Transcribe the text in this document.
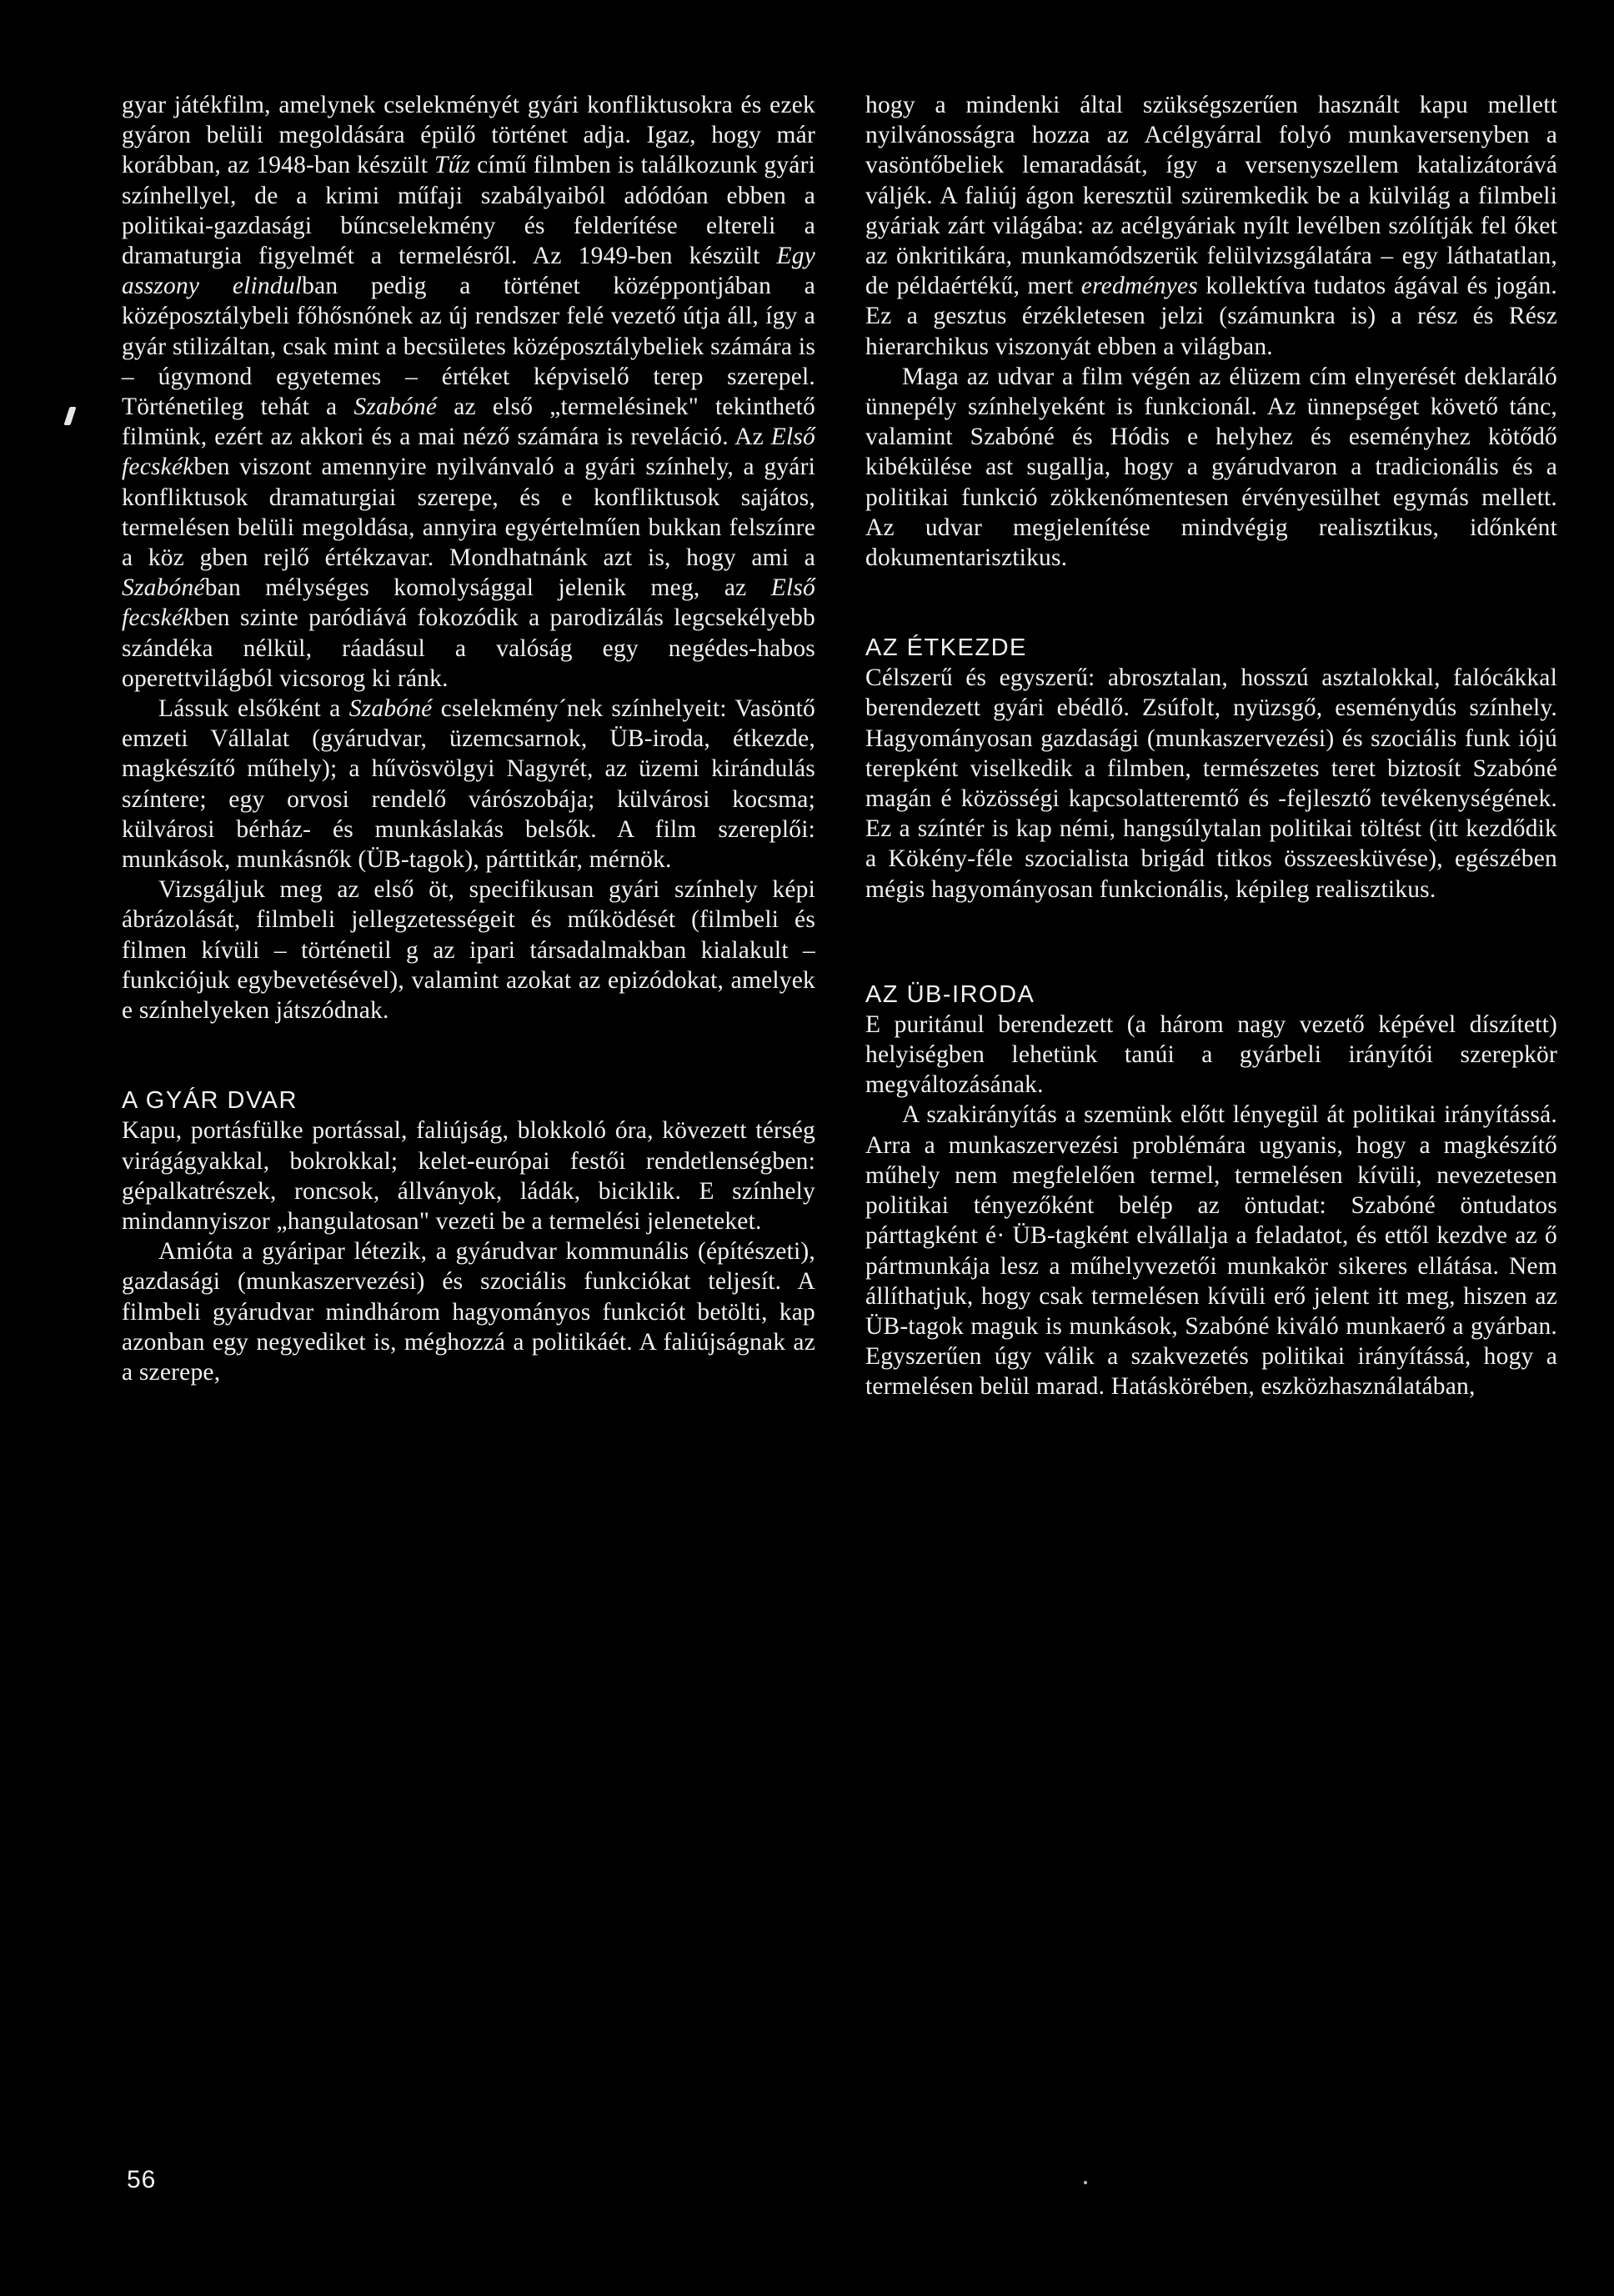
gyar játékfilm, amelynek cselekményét gyári konfliktusokra és ezek gyáron belüli megoldására épülő történet adja. Igaz, hogy már korábban, az 1948-ban készült Tűz című filmben is találkozunk gyári színhellyel, de a krimi műfaji szabályaiból adódóan ebben a politikai-gazdasági bűncselekmény és felderítése eltereli a dramaturgia figyelmét a termelésről. Az 1949-ben készült Egy asszony elindulban pedig a történet középpontjában a középosztálybeli főhősnőnek az új rendszer felé vezető útja áll, így a gyár stilizáltan, csak mint a becsületes középosztálybeliek számára is – úgymond egyetemes – értéket képviselő terep szerepel. Történetileg tehát a Szabóné az első „termelésinek" tekinthető filmünk, ezért az akkori és a mai néző számára is reveláció. Az Első fecskékben viszont amennyire nyilvánvaló a gyári színhely, a gyári konfliktusok dramaturgiai szerepe, és e konfliktusok sajátos, termelésen belüli megoldása, annyira egyértelműen bukkan felszínre a köz gben rejlő értékzavar. Mondhatnánk azt is, hogy ami a Szabónéban mélységes komolysággal jelenik meg, az Első fecskékben szinte paródiává fokozódik a parodizálás legcsekélyebb szándéka nélkül, ráadásul a valóság egy negédes-habos operettvilágból vicsorog ki ránk.

Lássuk elsőként a Szabóné cselekmény´nek színhelyeit: Vasöntő emzeti Vállalat (gyárudvar, üzemcsarnok, ÜB-iroda, étkezde, magkészítő műhely); a hűvösvölgyi Nagyrét, az üzemi kirándulás színtere; egy orvosi rendelő várószobája; külvárosi kocsma; külvárosi bérház- és munkáslakás belsők. A film szereplői: munkások, munkásnők (ÜB-tagok), párttitkár, mérnök.

Vizsgáljuk meg az első öt, specifikusan gyári színhely képi ábrázolását, filmbeli jellegzetességeit és működését (filmbeli és filmen kívüli – történetil g az ipari társadalmakban kialakult – funkciójuk egybevetésével), valamint azokat az epizódokat, amelyek e színhelyeken játszódnak.

A GYÁR DVAR

Kapu, portásfülke portással, faliújság, blokkoló óra, kövezett térség virágágyakkal, bokrokkal; kelet-európai festői rendetlenségben: gépalkatrészek, roncsok, állványok, ládák, biciklik. E színhely mindannyiszor „hangulatosan" vezeti be a termelési jeleneteket.

Amióta a gyáripar létezik, a gyárudvar kommunális (építészeti), gazdasági (munkaszervezési) és szociális funkciókat teljesít. A filmbeli gyárudvar mindhárom hagyományos funkciót betölti, kap azonban egy negyediket is, méghozzá a politikáét. A faliújságnak az a szerepe,

hogy a mindenki által szükségszerűen használt kapu mellett nyilvánosságra hozza az Acélgyárral folyó munkaversenyben a vasöntőbeliek lemaradását, így a versenyszellem katalizátorává váljék. A faliúj ágon keresztül szüremkedik be a külvilág a filmbeli gyáriak zárt világába: az acélgyáriak nyílt levélben szólítják fel őket az önkritikára, munkamódszerük felülvizsgálatára – egy láthatatlan, de példaértékű, mert eredményes kollektíva tudatos ágával és jogán. Ez a gesztus érzékletesen jelzi (számunkra is) a rész és Rész hierarchikus viszonyát ebben a világban.

Maga az udvar a film végén az élüzem cím elnyerését deklaráló ünnepély színhelyeként is funkcionál. Az ünnepséget követő tánc, valamint Szabóné és Hódis e helyhez és eseményhez kötődő kibékülése ast sugallja, hogy a gyárudvaron a tradicionális és a politikai funkció zökkenőmentesen érvényesülhet egymás mellett. Az udvar megjelenítése mindvégig realisztikus, időnként dokumentarisztikus.

AZ ÉTKEZDE

Célszerű és egyszerű: abrosztalan, hosszú asztalokkal, falócákkal berendezett gyári ebédlő. Zsúfolt, nyüzsgő, eseménydús színhely. Hagyományosan gazdasági (munkaszervezési) és szociális funk iójú terepként viselkedik a filmben, természetes teret biztosít Szabóné magán é közösségi kapcsolatteremtő és -fejlesztő tevékenységének. Ez a színtér is kap némi, hangsúlytalan politikai töltést (itt kezdődik a Kökény-féle szocialista brigád titkos összeesküvése), egészében mégis hagyományosan funkcionális, képileg realisztikus.

AZ ÜB-IRODA

E puritánul berendezett (a három nagy vezető képével díszített) helyiségben lehetünk tanúi a gyárbeli irányítói szerepkör megváltozásának.

A szakirányítás a szemünk előtt lényegül át politikai irányítássá. Arra a munkaszervezési problémára ugyanis, hogy a magkészítő műhely nem megfelelően termel, termelésen kívüli, nevezetesen politikai tényezőként belép az öntudat: Szabóné öntudatos párttagként é· ÜB-tagként elvállalja a feladatot, és ettől kezdve az ő pártmunkája lesz a műhelyvezetői munkakör sikeres ellátása. Nem állíthatjuk, hogy csak termelésen kívüli erő jelent itt meg, hiszen az ÜB-tagok maguk is munkások, Szabóné kiváló munkaerő a gyárban. Egyszerűen úgy válik a szakvezetés politikai irányítássá, hogy a termelésen belül marad. Hatáskörében, eszközhasználatában,

56
